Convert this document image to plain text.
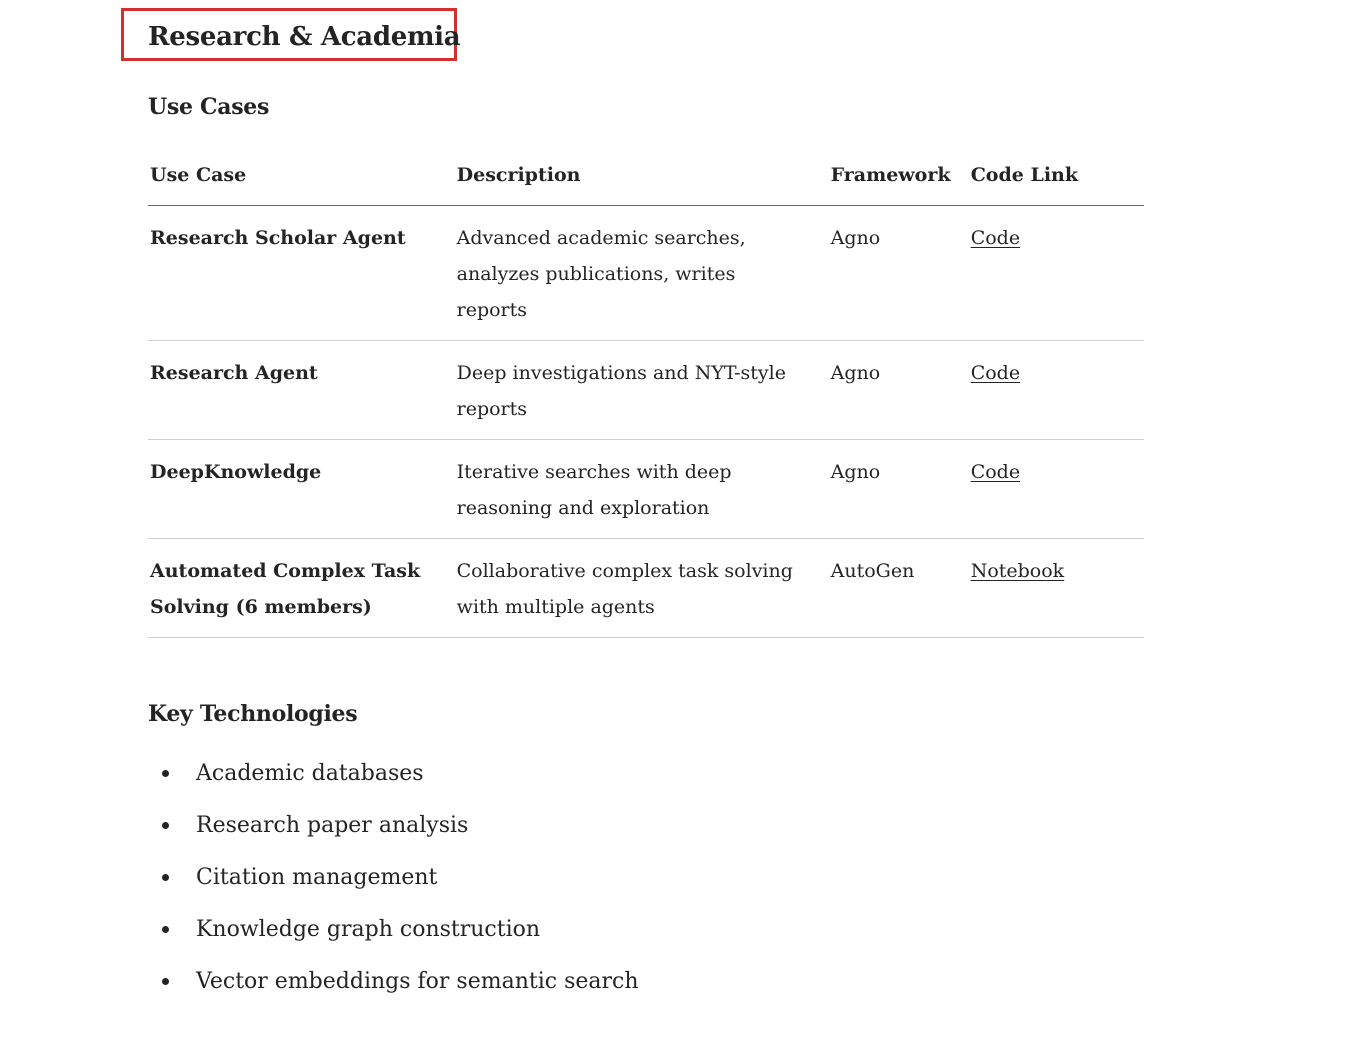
Research & Academia
Use Cases
Use Case	Description	Framework	Code Link
Research Scholar Agent	Advanced academic searches, analyzes publications, writes reports	Agno	Code
Research Agent	Deep investigations and NYT-style reports	Agno	Code
DeepKnowledge	Iterative searches with deep reasoning and exploration	Agno	Code
Automated Complex Task Solving (6 members)	Collaborative complex task solving with multiple agents	AutoGen	Notebook
Key Technologies
Academic databases
Research paper analysis
Citation management
Knowledge graph construction
Vector embeddings for semantic search
